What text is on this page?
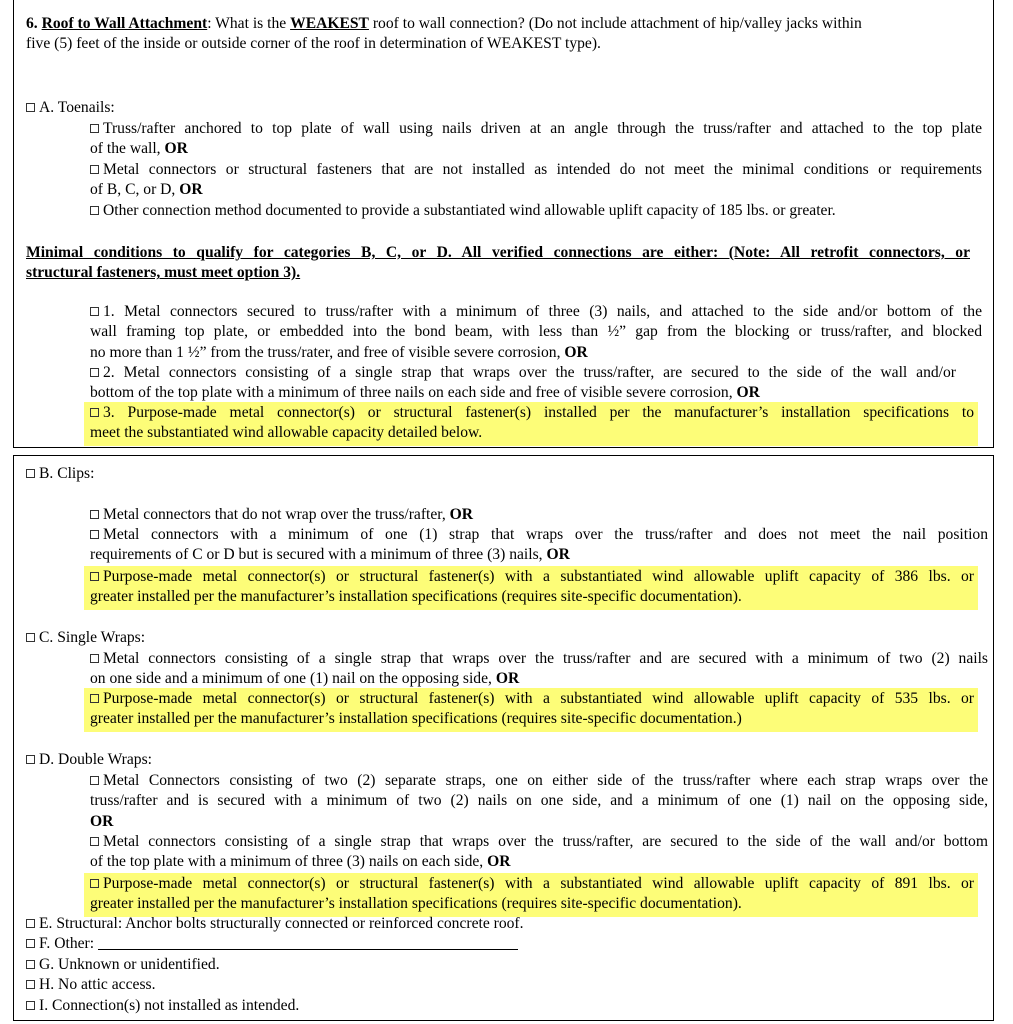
6. Roof to Wall Attachment: What is the WEAKEST roof to wall connection? (Do not include attachment of hip/valley jacks within
five (5) feet of the inside or outside corner of the roof in determination of WEAKEST type).
A. Toenails:
Truss/rafter anchored to top plate of wall using nails driven at an angle through the truss/rafter and attached to the top plate
of the wall, OR
Metal connectors or structural fasteners that are not installed as intended do not meet the minimal conditions or requirements
of B, C, or D, OR
Other connection method documented to provide a substantiated wind allowable uplift capacity of 185 lbs. or greater.
Minimal conditions to qualify for categories B, C, or D. All verified connections are either: (Note: All retrofit connectors, or
structural fasteners, must meet option 3).
1. Metal connectors secured to truss/rafter with a minimum of three (3) nails, and attached to the side and/or bottom of the
wall framing top plate, or embedded into the bond beam, with less than ½” gap from the blocking or truss/rafter, and blocked
no more than 1 ½” from the truss/rater, and free of visible severe corrosion, OR
2. Metal connectors consisting of a single strap that wraps over the truss/rafter, are secured to the side of the wall and/or
bottom of the top plate with a minimum of three nails on each side and free of visible severe corrosion, OR
3. Purpose-made metal connector(s) or structural fastener(s) installed per the manufacturer’s installation specifications to
meet the substantiated wind allowable capacity detailed below.
B. Clips:
Metal connectors that do not wrap over the truss/rafter, OR
Metal connectors with a minimum of one (1) strap that wraps over the truss/rafter and does not meet the nail position
requirements of C or D but is secured with a minimum of three (3) nails, OR
Purpose-made metal connector(s) or structural fastener(s) with a substantiated wind allowable uplift capacity of 386 lbs. or
greater installed per the manufacturer’s installation specifications (requires site-specific documentation).
C. Single Wraps:
Metal connectors consisting of a single strap that wraps over the truss/rafter and are secured with a minimum of two (2) nails
on one side and a minimum of one (1) nail on the opposing side, OR
Purpose-made metal connector(s) or structural fastener(s) with a substantiated wind allowable uplift capacity of 535 lbs. or
greater installed per the manufacturer’s installation specifications (requires site-specific documentation.)
D. Double Wraps:
Metal Connectors consisting of two (2) separate straps, one on either side of the truss/rafter where each strap wraps over the
truss/rafter and is secured with a minimum of two (2) nails on one side, and a minimum of one (1) nail on the opposing side,
OR
Metal connectors consisting of a single strap that wraps over the truss/rafter, are secured to the side of the wall and/or bottom
of the top plate with a minimum of three (3) nails on each side, OR
Purpose-made metal connector(s) or structural fastener(s) with a substantiated wind allowable uplift capacity of 891 lbs. or
greater installed per the manufacturer’s installation specifications (requires site-specific documentation).
E. Structural: Anchor bolts structurally connected or reinforced concrete roof.
F. Other:
G. Unknown or unidentified.
H. No attic access.
I. Connection(s) not installed as intended.
